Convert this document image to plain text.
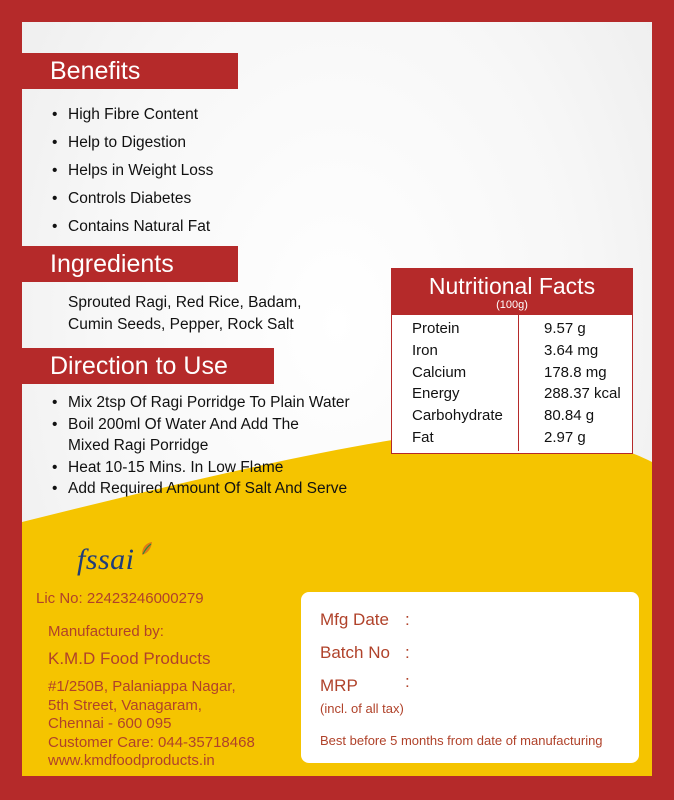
Benefits
• High Fibre Content
• Help to Digestion
• Helps in Weight Loss
• Controls Diabetes
• Contains Natural Fat
Ingredients
Sprouted Ragi, Red Rice, Badam,
Cumin Seeds, Pepper, Rock Salt
Direction to Use
• Mix 2tsp Of Ragi Porridge To Plain Water
• Boil 200ml Of Water And Add The
Mixed Ragi Porridge
• Heat 10-15 Mins. In Low Flame
• Add Required Amount Of Salt And Serve
Nutritional Facts
(100g)
Protein	9.57 g
Iron	3.64 mg
Calcium	178.8 mg
Energy	288.37 kcal
Carbohydrate	80.84 g
Fat	2.97 g
fssai
Lic No: 22423246000279
Manufactured by:
K.M.D Food Products
#1/250B, Palaniappa Nagar,
5th Street, Vanagaram,
Chennai - 600 095
Customer Care: 044-35718468
www.kmdfoodproducts.in
Mfg Date :
Batch No :
MRP	:
(incl. of all tax)
Best before 5 months from date of manufacturing
